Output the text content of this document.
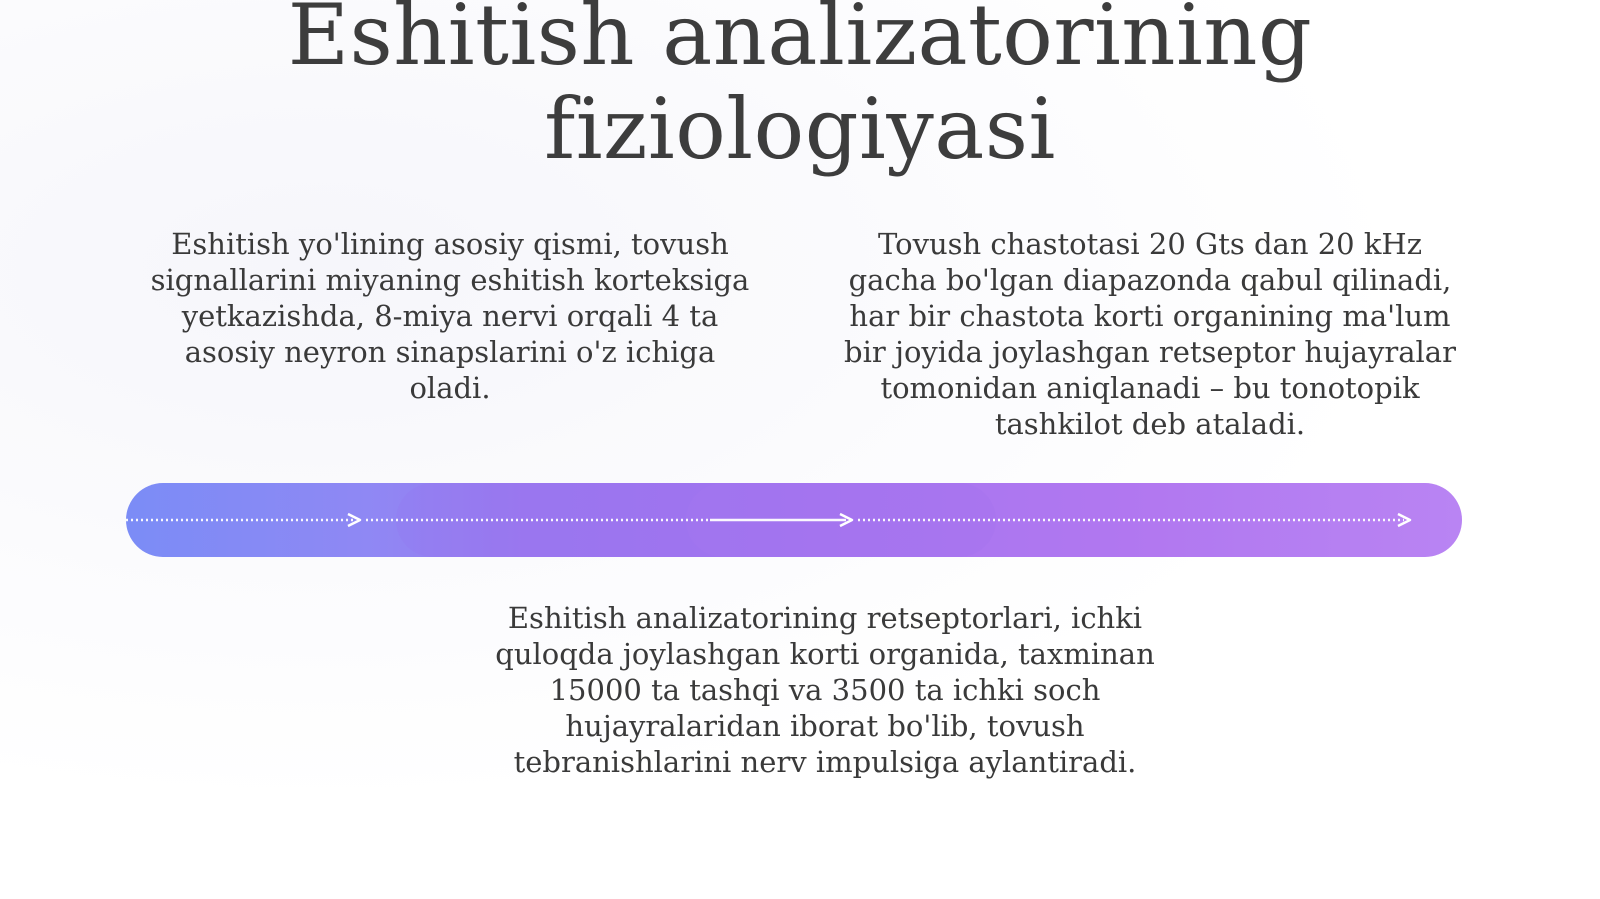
Eshitish analizatorining
fiziologiyasi

Eshitish yo'lining asosiy qismi, tovush signallarini miyaning eshitish korteksiga yetkazishda, 8-miya nervi orqali 4 ta asosiy neyron sinapslarini o'z ichiga oladi.

Tovush chastotasi 20 Gts dan 20 kHz gacha bo'lgan diapazonda qabul qilinadi, har bir chastota korti organining ma'lum bir joyida joylashgan retseptor hujayralar tomonidan aniqlanadi – bu tonotopik tashkilot deb ataladi.

Eshitish analizatorining retseptorlari, ichki quloqda joylashgan korti organida, taxminan 15000 ta tashqi va 3500 ta ichki soch hujayralaridan iborat bo'lib, tovush tebranishlarini nerv impulsiga aylantiradi.
